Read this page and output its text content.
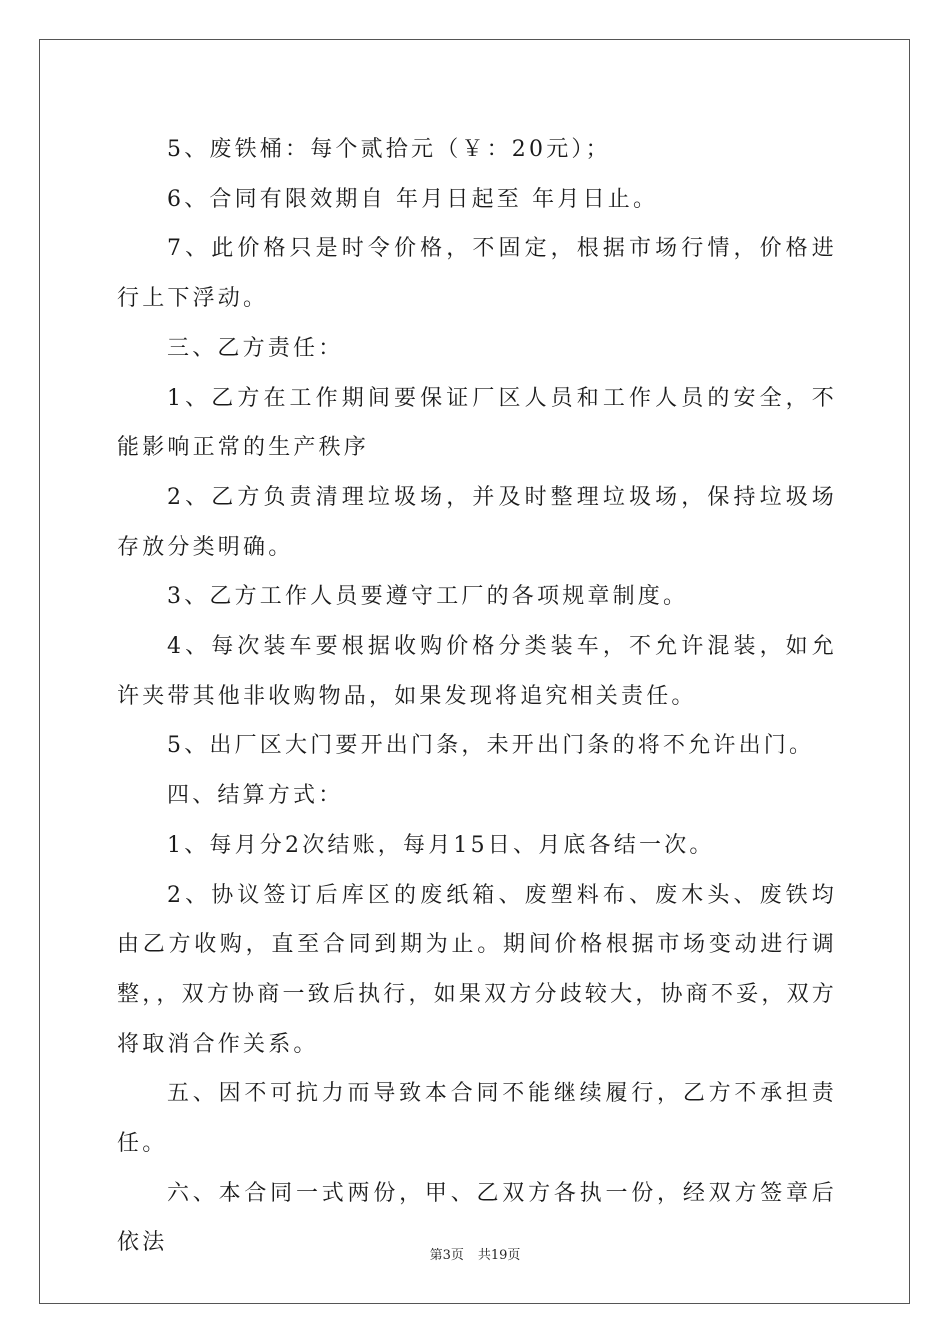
5、废铁桶：每个贰拾元（￥：20元）；

6、合同有限效期自 年月日起至 年月日止。

7、此价格只是时令价格，不固定，根据市场行情，价格进行上下浮动。

三、乙方责任：

1、乙方在工作期间要保证厂区人员和工作人员的安全，不能影响正常的生产秩序

2、乙方负责清理垃圾场，并及时整理垃圾场，保持垃圾场存放分类明确。

3、乙方工作人员要遵守工厂的各项规章制度。

4、每次装车要根据收购价格分类装车，不允许混装，如允许夹带其他非收购物品，如果发现将追究相关责任。

5、出厂区大门要开出门条，未开出门条的将不允许出门。

四、结算方式：

1、每月分2次结账，每月15日、月底各结一次。

2、协议签订后库区的废纸箱、废塑料布、废木头、废铁均由乙方收购，直至合同到期为止。期间价格根据市场变动进行调整，，双方协商一致后执行，如果双方分歧较大，协商不妥，双方将取消合作关系。

五、因不可抗力而导致本合同不能继续履行，乙方不承担责任。

六、本合同一式两份，甲、乙双方各执一份，经双方签章后依法

第3页 共19页
